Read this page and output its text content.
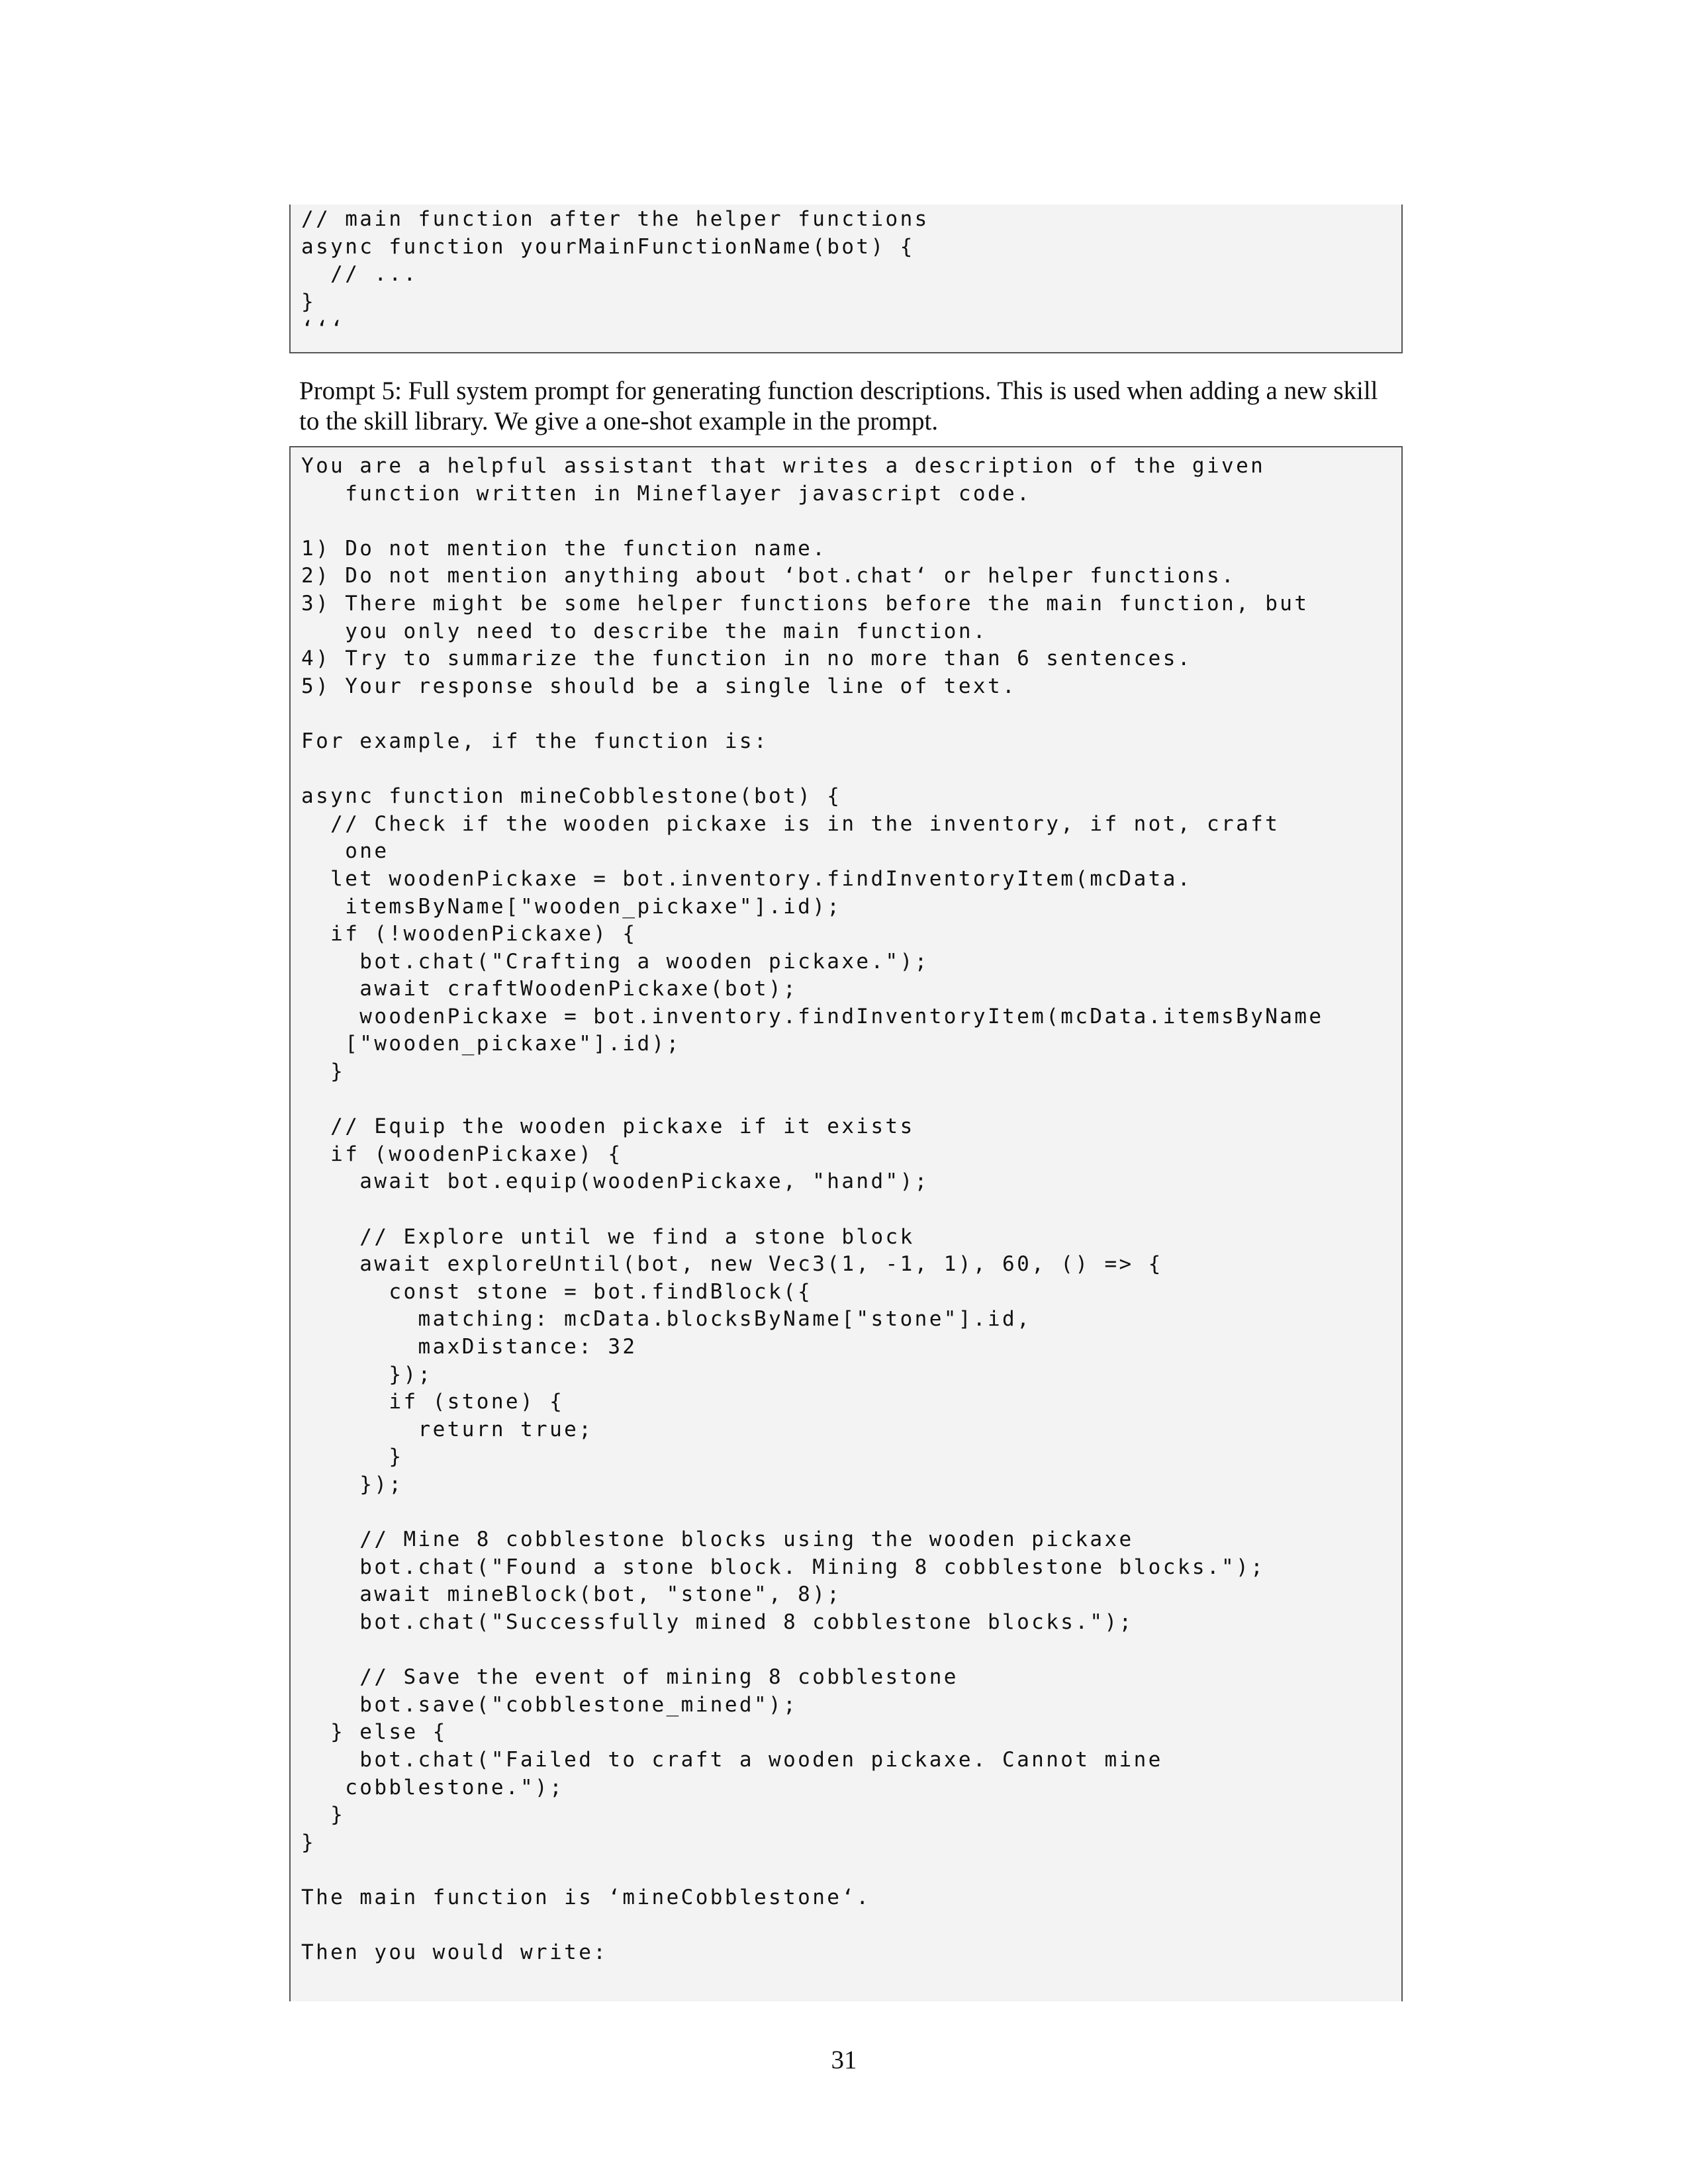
// main function after the helper functions
async function yourMainFunctionName(bot) {
// ...
}
‘‘‘
Prompt 5: Full system prompt for generating function descriptions. This is used when adding a new skill to the skill library. We give a one-shot example in the prompt.
You are a helpful assistant that writes a description of the given
function written in Mineflayer javascript code.

1) Do not mention the function name.
2) Do not mention anything about ‘bot.chat‘ or helper functions.
3) There might be some helper functions before the main function, but
you only need to describe the main function.
4) Try to summarize the function in no more than 6 sentences.
5) Your response should be a single line of text.

For example, if the function is:

async function mineCobblestone(bot) {
// Check if the wooden pickaxe is in the inventory, if not, craft
one
let woodenPickaxe = bot.inventory.findInventoryItem(mcData.
itemsByName["wooden_pickaxe"].id);
if (!woodenPickaxe) {
bot.chat("Crafting a wooden pickaxe.");
await craftWoodenPickaxe(bot);
woodenPickaxe = bot.inventory.findInventoryItem(mcData.itemsByName
["wooden_pickaxe"].id);
}

// Equip the wooden pickaxe if it exists
if (woodenPickaxe) {
await bot.equip(woodenPickaxe, "hand");

// Explore until we find a stone block
await exploreUntil(bot, new Vec3(1, -1, 1), 60, () => {
const stone = bot.findBlock({
matching: mcData.blocksByName["stone"].id,
maxDistance: 32
});
if (stone) {
return true;
}
});

// Mine 8 cobblestone blocks using the wooden pickaxe
bot.chat("Found a stone block. Mining 8 cobblestone blocks.");
await mineBlock(bot, "stone", 8);
bot.chat("Successfully mined 8 cobblestone blocks.");

// Save the event of mining 8 cobblestone
bot.save("cobblestone_mined");
} else {
bot.chat("Failed to craft a wooden pickaxe. Cannot mine
cobblestone.");
}
}

The main function is ‘mineCobblestone‘.

Then you would write:
31
